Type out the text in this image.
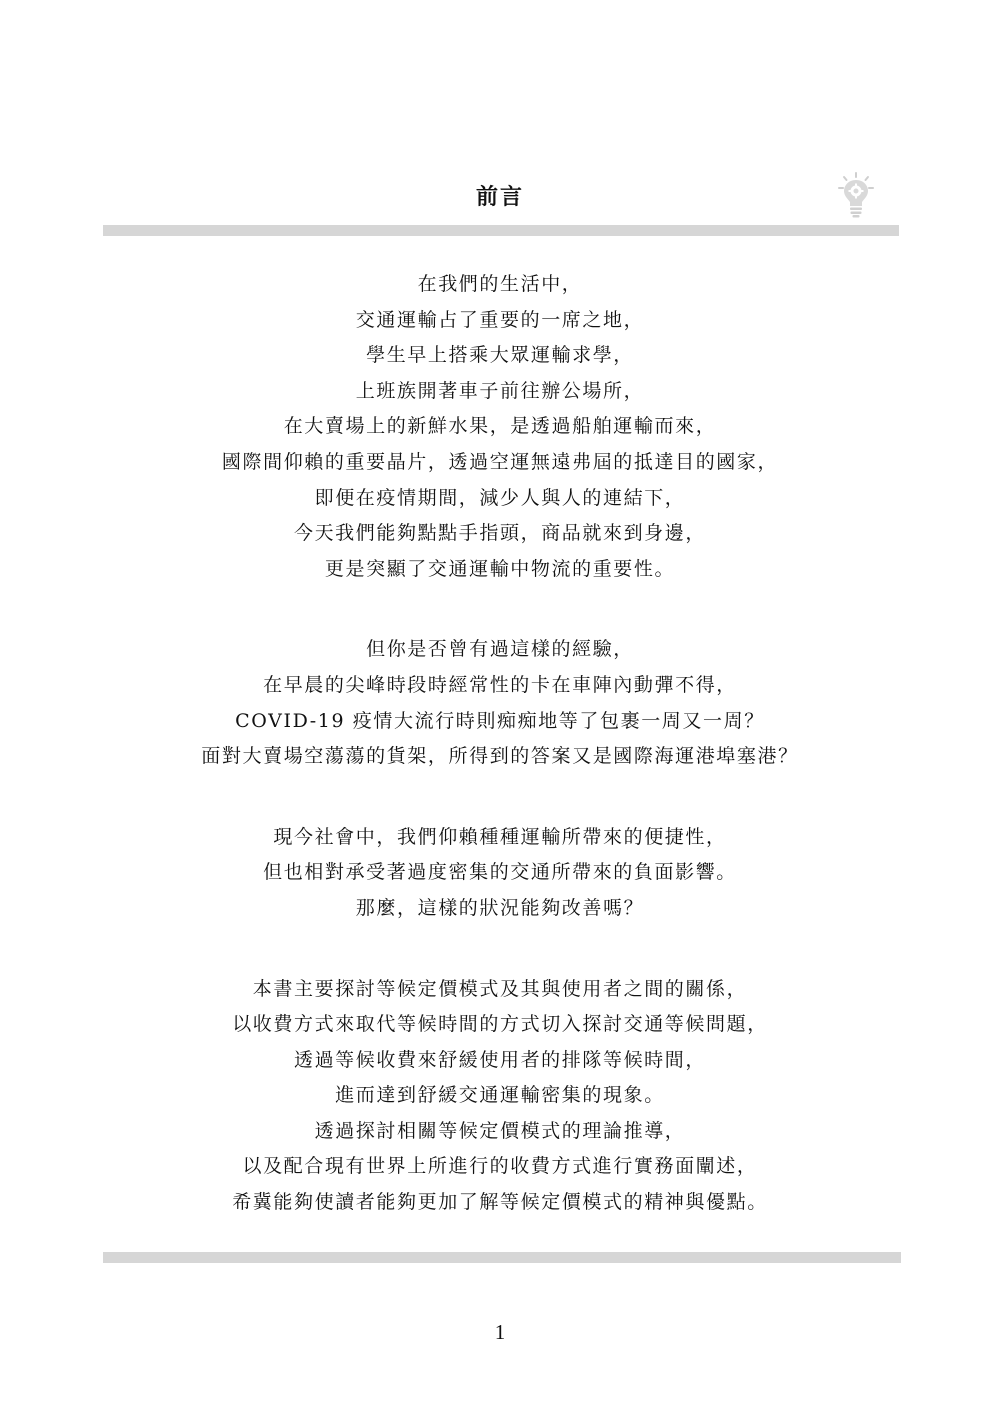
前言
在我們的生活中，
交通運輸占了重要的一席之地，
學生早上搭乘大眾運輸求學，
上班族開著車子前往辦公場所，
在大賣場上的新鮮水果，是透過船舶運輸而來，
國際間仰賴的重要晶片，透過空運無遠弗屆的抵達目的國家，
即便在疫情期間，減少人與人的連結下，
今天我們能夠點點手指頭，商品就來到身邊，
更是突顯了交通運輸中物流的重要性。
但你是否曾有過這樣的經驗，
在早晨的尖峰時段時經常性的卡在車陣內動彈不得，
COVID-19 疫情大流行時則痴痴地等了包裹一周又一周？
面對大賣場空蕩蕩的貨架，所得到的答案又是國際海運港埠塞港？
現今社會中，我們仰賴種種運輸所帶來的便捷性，
但也相對承受著過度密集的交通所帶來的負面影響。
那麼，這樣的狀況能夠改善嗎？
本書主要探討等候定價模式及其與使用者之間的關係，
以收費方式來取代等候時間的方式切入探討交通等候問題，
透過等候收費來舒緩使用者的排隊等候時間，
進而達到舒緩交通運輸密集的現象。
透過探討相關等候定價模式的理論推導，
以及配合現有世界上所進行的收費方式進行實務面闡述，
希冀能夠使讀者能夠更加了解等候定價模式的精神與優點。
1
